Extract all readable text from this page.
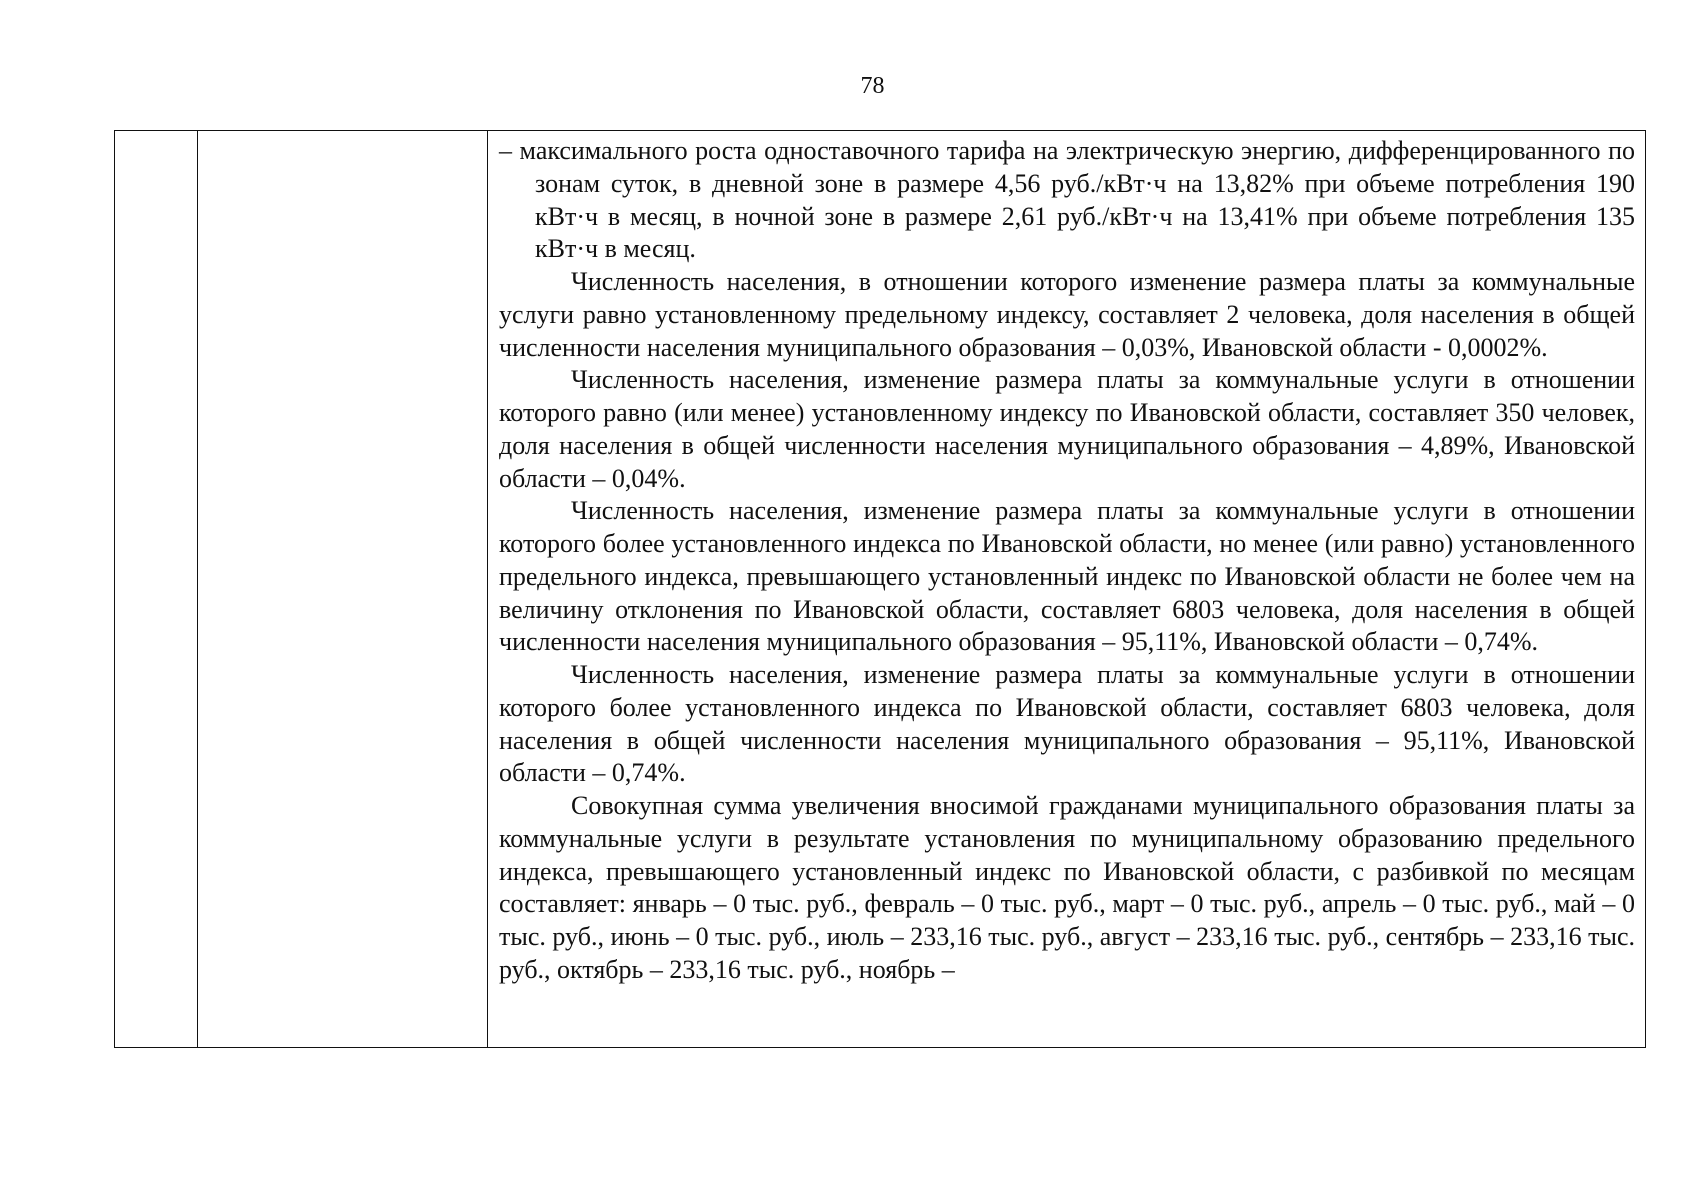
78

– максимального роста одноставочного тарифа на электрическую энергию, дифференцированного по зонам суток, в дневной зоне в размере 4,56 руб./кВт·ч на 13,82% при объеме потребления 190 кВт·ч в месяц, в ночной зоне в размере 2,61 руб./кВт·ч на 13,41% при объеме потребления 135 кВт·ч в месяц.

Численность населения, в отношении которого изменение размера платы за коммунальные услуги равно установленному предельному индексу, составляет 2 человека, доля населения в общей численности населения муниципального образования – 0,03%, Ивановской области - 0,0002%.

Численность населения, изменение размера платы за коммунальные услуги в отношении которого равно (или менее) установленному индексу по Ивановской области, составляет 350 человек, доля населения в общей численности населения муниципального образования – 4,89%, Ивановской области – 0,04%.

Численность населения, изменение размера платы за коммунальные услуги в отношении которого более установленного индекса по Ивановской области, но менее (или равно) установленного предельного индекса, превышающего установленный индекс по Ивановской области не более чем на величину отклонения по Ивановской области, составляет 6803 человека, доля населения в общей численности населения муниципального образования – 95,11%, Ивановской области – 0,74%.

Численность населения, изменение размера платы за коммунальные услуги в отношении которого более установленного индекса по Ивановской области, составляет 6803 человека, доля населения в общей численности населения муниципального образования – 95,11%, Ивановской области – 0,74%.

Совокупная сумма увеличения вносимой гражданами муниципального образования платы за коммунальные услуги в результате установления по муниципальному образованию предельного индекса, превышающего установленный индекс по Ивановской области, с разбивкой по месяцам составляет: январь – 0 тыс. руб., февраль – 0 тыс. руб., март – 0 тыс. руб., апрель – 0 тыс. руб., май – 0 тыс. руб., июнь – 0 тыс. руб., июль – 233,16 тыс. руб., август – 233,16 тыс. руб., сентябрь – 233,16 тыс. руб., октябрь – 233,16 тыс. руб., ноябрь –
